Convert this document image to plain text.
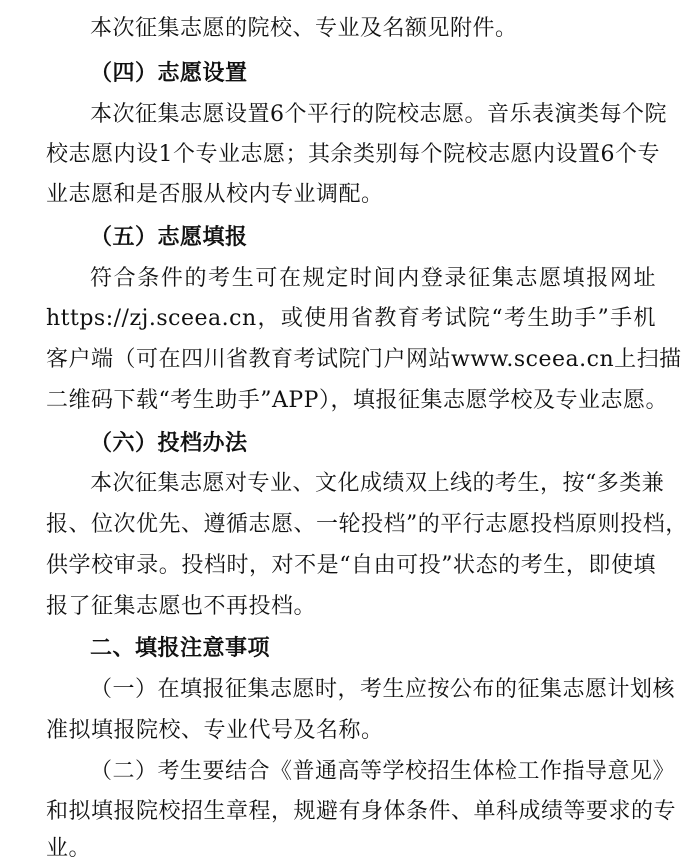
本次征集志愿的院校、专业及名额见附件。
（四）志愿设置
本次征集志愿设置6个平行的院校志愿。音乐表演类每个院
校志愿内设1个专业志愿；其余类别每个院校志愿内设置6个专
业志愿和是否服从校内专业调配。
（五）志愿填报
符合条件的考生可在规定时间内登录征集志愿填报网址
https://zj.sceea.cn，或使用省教育考试院“考生助手”手机
客户端（可在四川省教育考试院门户网站www.sceea.cn上扫描
二维码下载“考生助手”APP），填报征集志愿学校及专业志愿。
（六）投档办法
本次征集志愿对专业、文化成绩双上线的考生，按“多类兼
报、位次优先、遵循志愿、一轮投档”的平行志愿投档原则投档，
供学校审录。投档时，对不是“自由可投”状态的考生，即使填
报了征集志愿也不再投档。
二、填报注意事项
（一）在填报征集志愿时，考生应按公布的征集志愿计划核
准拟填报院校、专业代号及名称。
（二）考生要结合《普通高等学校招生体检工作指导意见》
和拟填报院校招生章程，规避有身体条件、单科成绩等要求的专
业。
